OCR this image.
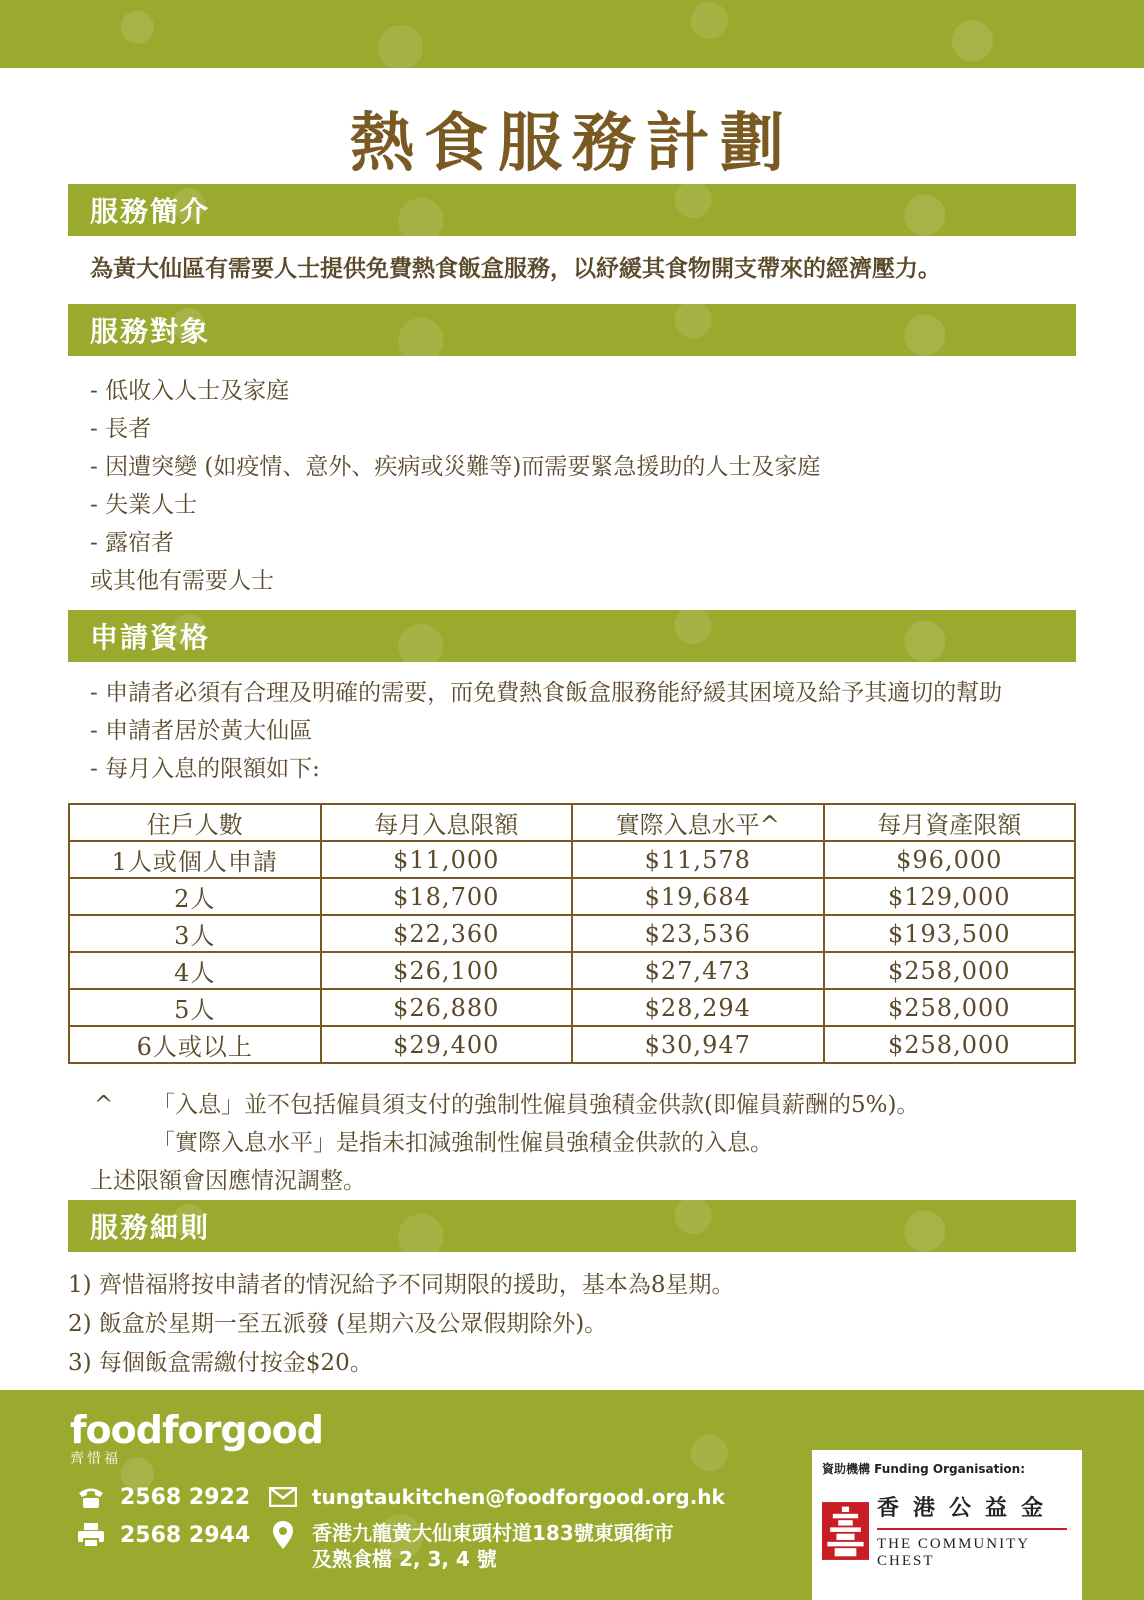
熱食服務計劃
服務簡介
為黃大仙區有需要人士提供免費熱食飯盒服務，以紓緩其食物開支帶來的經濟壓力。
服務對象
- 低收入人士及家庭
- 長者
- 因遭突變 (如疫情、意外、疾病或災難等)而需要緊急援助的人士及家庭
- 失業人士
- 露宿者
或其他有需要人士
申請資格
- 申請者必須有合理及明確的需要，而免費熱食飯盒服務能紓緩其困境及給予其適切的幫助
- 申請者居於黃大仙區
- 每月入息的限額如下:
住戶人數	每月入息限額	實際入息水平^	每月資產限額
1人或個人申請	$11,000	$11,578	$96,000
2人	$18,700	$19,684	$129,000
3人	$22,360	$23,536	$193,500
4人	$26,100	$27,473	$258,000
5人	$26,880	$28,294	$258,000
6人或以上	$29,400	$30,947	$258,000
^	「入息」並不包括僱員須支付的強制性僱員強積金供款(即僱員薪酬的5%)。
「實際入息水平」是指未扣減強制性僱員強積金供款的入息。
上述限額會因應情況調整。
服務細則
1) 齊惜福將按申請者的情況給予不同期限的援助，基本為8星期。
2) 飯盒於星期一至五派發 (星期六及公眾假期除外)。
3) 每個飯盒需繳付按金$20。
foodforgood
齊惜福
2568 2922
2568 2944
tungtaukitchen@foodforgood.org.hk
香港九龍黃大仙東頭村道183號東頭街市
及熟食檔 2, 3, 4 號
資助機構 Funding Organisation:
香港公益金
THE COMMUNITY CHEST
